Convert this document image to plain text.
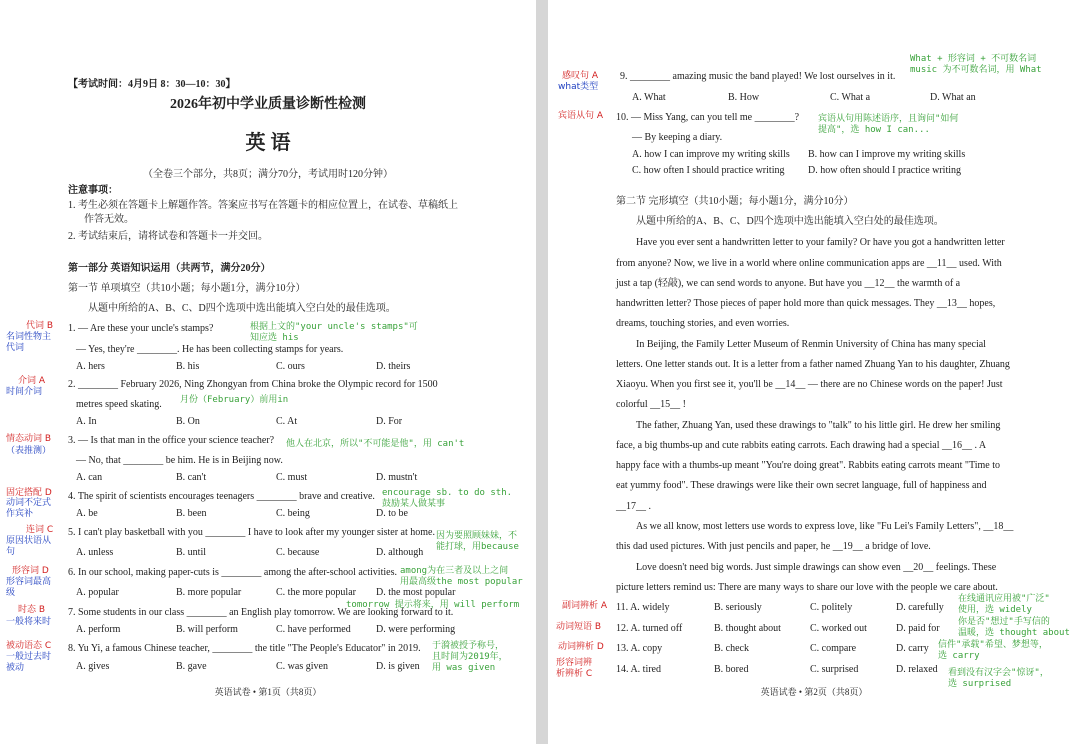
【考试时间：4月9日 8：30—10：30】
2026年初中学业质量诊断性检测
英 语
（全卷三个部分，共8页；满分70分，考试用时120分钟）
注意事项：
1. 考生必须在答题卡上解题作答。答案应书写在答题卡的相应位置上，在试卷、草稿纸上
作答无效。
2. 考试结束后，请将试卷和答题卡一并交回。
第一部分 英语知识运用（共两节，满分20分）
第一节 单项填空（共10小题；每小题1分，满分10分）
从题中所给的A、B、C、D四个选项中选出能填入空白处的最佳选项。
1. — Are these your uncle's stamps?
— Yes, they're ________. He has been collecting stamps for years.
A. hers	B. his	C. ours	D. theirs
2. ________ February 2026, Ning Zhongyan from China broke the Olympic record for 1500
metres speed skating.
A. In	B. On	C. At	D. For
3. — Is that man in the office your science teacher?
— No, that ________ be him. He is in Beijing now.
A. can	B. can't	C. must	D. mustn't
4. The spirit of scientists encourages teenagers ________ brave and creative.
A. be	B. been	C. being	D. to be
5. I can't play basketball with you ________ I have to look after my younger sister at home.
A. unless	B. until	C. because	D. although
6. In our school, making paper-cuts is ________ among the after-school activities.
A. popular	B. more popular	C. the more popular D. the most popular
7. Some students in our class ________ an English play tomorrow. We are looking forward to it.
A. perform	B. will perform	C. have performed	D. were performing
8. Yu Yi, a famous Chinese teacher, ________ the title "The People's Educator" in 2019.
A. gives	B. gave	C. was given	D. is given
代词 B
介词 A
情态动词 B
固定搭配 D
连词 C
形容词 D
时态 B
被动语态 C
名词性物主
代词
时间介词
（表推测）
动词不定式
作宾补
原因状语从
句
形容词最高
级
一般将来时
一般过去时
被动
根据上文的"your uncle's stamps"可
知应选 his
月份（February）前用in
他人在北京，所以"不可能是他"，用 can't
encourage sb. to do sth.
鼓励某人做某事
因为要照顾妹妹，不
能打球，用because
among为在三者及以上之间
用最高级the most popular
tomorrow 提示将来，用 will perform
于漪被授予称号，
且时间为2019年，
用 was given
英语试卷 • 第1页（共8页）
感叹句 A
what类型
9. ________ amazing music the band played! We lost ourselves in it.
What + 形容词 + 不可数名词
music 为不可数名词，用 What
A. What	B. How	C. What a	D. What an
宾语从句 A 10. — Miss Yang, can you tell me ________? 宾语从句用陈述语序，且询问"如何
提高"，选 how I can...
— By keeping a diary.
A. how I can improve my writing skills B. how can I improve my writing skills
C. how often I should practice writing D. how often should I practice writing
第二节 完形填空（共10小题；每小题1分，满分10分）
从题中所给的A、B、C、D四个选项中选出能填入空白处的最佳选项。
Have you ever sent a handwritten letter to your family? Or have you got a handwritten letter
from anyone? Now, we live in a world where online communication apps are __11__ used. With
just a tap (轻敲), we can send words to anyone. But have you __12__ the warmth of a
handwritten letter? Those pieces of paper hold more than quick messages. They __13__ hopes,
dreams, touching stories, and even worries.
In Beijing, the Family Letter Museum of Renmin University of China has many special
letters. One letter stands out. It is a letter from a father named Zhuang Yan to his daughter, Zhuang
Xiaoyu. When you first see it, you'll be __14__ — there are no Chinese words on the paper! Just
colorful __15__ !
The father, Zhuang Yan, used these drawings to "talk" to his little girl. He drew her smiling
face, a big thumbs-up and cute rabbits eating carrots. Each drawing had a special __16__ . A
happy face with a thumbs-up meant "You're doing great". Rabbits eating carrots meant "Time to
eat yummy food". These drawings were like their own secret language, full of happiness and
__17__ .
As we all know, most letters use words to express love, like "Fu Lei's Family Letters", __18__
this dad used pictures. With just pencils and paper, he __19__ a bridge of love.
Love doesn't need big words. Just simple drawings can show even __20__ feelings. These
picture letters remind us: There are many ways to share our love with the people we care about.
副词辨析 A 11. A. widely	B. seriously	C. politely	D. carefully
在线通讯应用被"广泛"
使用，选 widely
动词短语 B 12. A. turned off	B. thought about	C. worked out	D. paid for
你是否"想过"手写信的
温暖，选 thought about
动词辨析 D 13. A. copy	B. check	C. compare	D. carry 信件"承载"希望、梦想等，
选 carry
形容词辨
析辨析 C 14. A. tired	B. bored	C. surprised	D. relaxed 看到没有汉字会"惊讶"，
选 surprised
英语试卷 • 第2页（共8页）
